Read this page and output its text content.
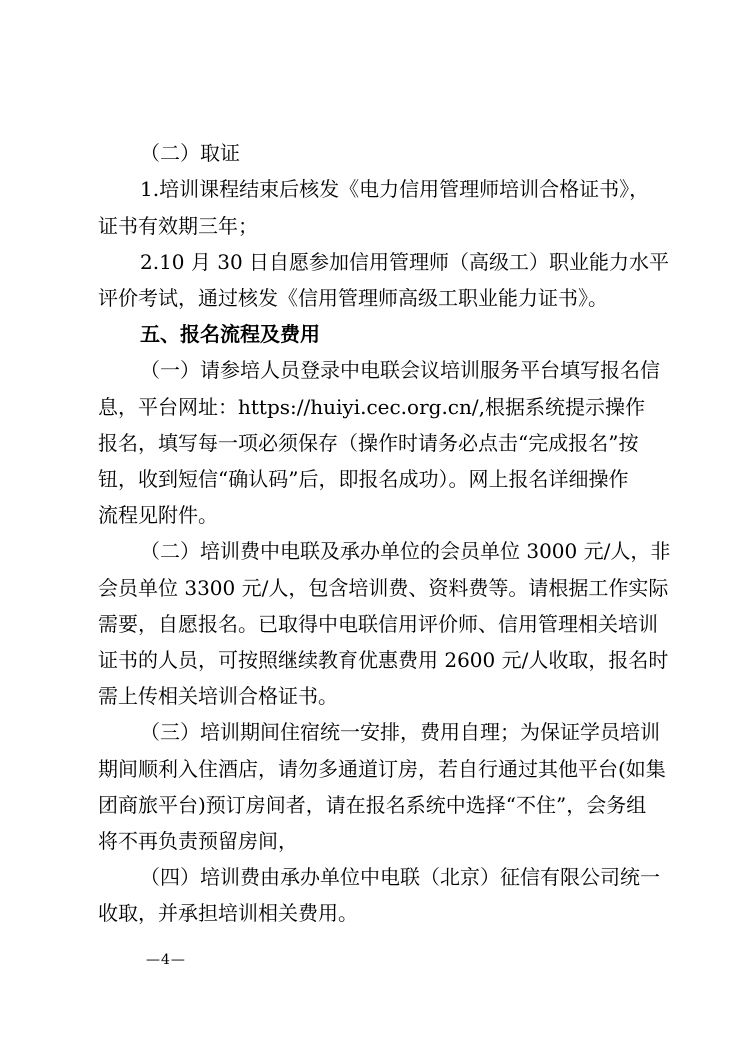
（二）取证

1.培训课程结束后核发《电力信用管理师培训合格证书》，

证书有效期三年；

2.10 月 30 日自愿参加信用管理师（高级工）职业能力水平

评价考试，通过核发《信用管理师高级工职业能力证书》。

五、报名流程及费用

（一）请参培人员登录中电联会议培训服务平台填写报名信

息，平台网址：https://huiyi.cec.org.cn/,根据系统提示操作

报名，填写每一项必须保存（操作时请务必点击“完成报名”按

钮，收到短信“确认码”后，即报名成功）。网上报名详细操作

流程见附件。

（二）培训费中电联及承办单位的会员单位 3000 元/人，非

会员单位 3300 元/人，包含培训费、资料费等。请根据工作实际

需要，自愿报名。已取得中电联信用评价师、信用管理相关培训

证书的人员，可按照继续教育优惠费用 2600 元/人收取，报名时

需上传相关培训合格证书。

（三）培训期间住宿统一安排，费用自理；为保证学员培训

期间顺利入住酒店，请勿多通道订房，若自行通过其他平台(如集

团商旅平台)预订房间者，请在报名系统中选择“不住”，会务组

将不再负责预留房间，

（四）培训费由承办单位中电联（北京）征信有限公司统一

收取，并承担培训相关费用。

—4—
